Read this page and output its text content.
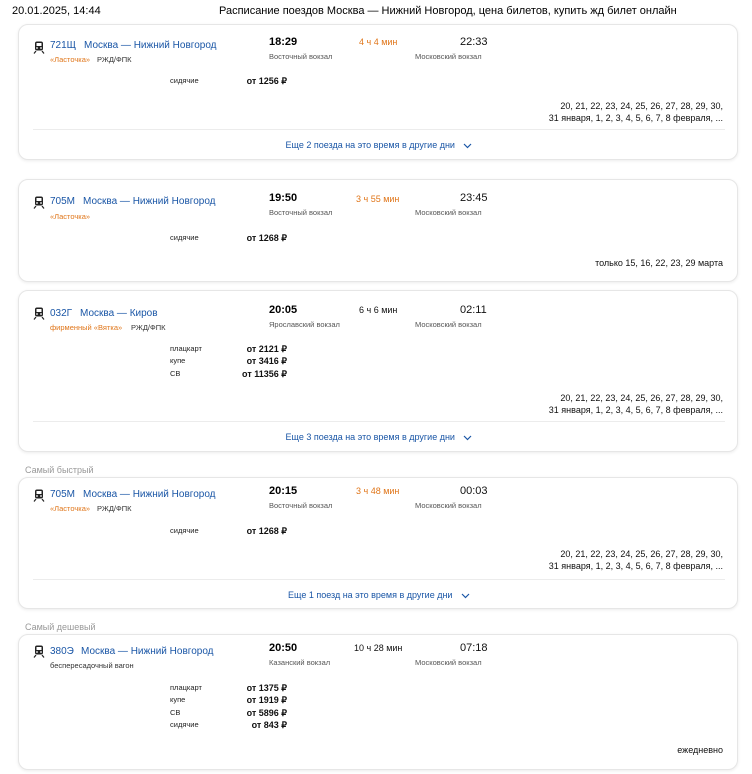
20.01.2025, 14:44	Расписание поездов Москва — Нижний Новгород, цена билетов, купить жд билет онлайн
721Щ Москва — Нижний Новгород
«Ласточка» РЖД/ФПК
18:29
Восточный вокзал
4 ч 4 мин	22:33
Московский вокзал
сидячие	от 1256 ₽
20, 21, 22, 23, 24, 25, 26, 27, 28, 29, 30,
31 января, 1, 2, 3, 4, 5, 6, 7, 8 февраля, ...
Еще 2 поезда на это время в другие дни
705М Москва — Нижний Новгород
«Ласточка»
19:50
Восточный вокзал
3 ч 55 мин	23:45
Московский вокзал
сидячие	от 1268 ₽
только 15, 16, 22, 23, 29 марта
032Г Москва — Киров
фирменный «Вятка» РЖД/ФПК
20:05
Ярославский вокзал
6 ч 6 мин	02:11
Московский вокзал
плацкарт	от 2121 ₽
купе	от 3416 ₽
СВ	от 11356 ₽
20, 21, 22, 23, 24, 25, 26, 27, 28, 29, 30,
31 января, 1, 2, 3, 4, 5, 6, 7, 8 февраля, ...
Еще 3 поезда на это время в другие дни
Самый быстрый
705М Москва — Нижний Новгород
«Ласточка» РЖД/ФПК
20:15
Восточный вокзал
3 ч 48 мин	00:03
Московский вокзал
сидячие	от 1268 ₽
20, 21, 22, 23, 24, 25, 26, 27, 28, 29, 30,
31 января, 1, 2, 3, 4, 5, 6, 7, 8 февраля, ...
Еще 1 поезд на это время в другие дни
Самый дешевый
380Э Москва — Нижний Новгород
беспересадочный вагон
20:50
Казанский вокзал
10 ч 28 мин	07:18
Московский вокзал
плацкарт	от 1375 ₽
купе	от 1919 ₽
СВ	от 5896 ₽
сидячие	от 843 ₽
ежедневно
